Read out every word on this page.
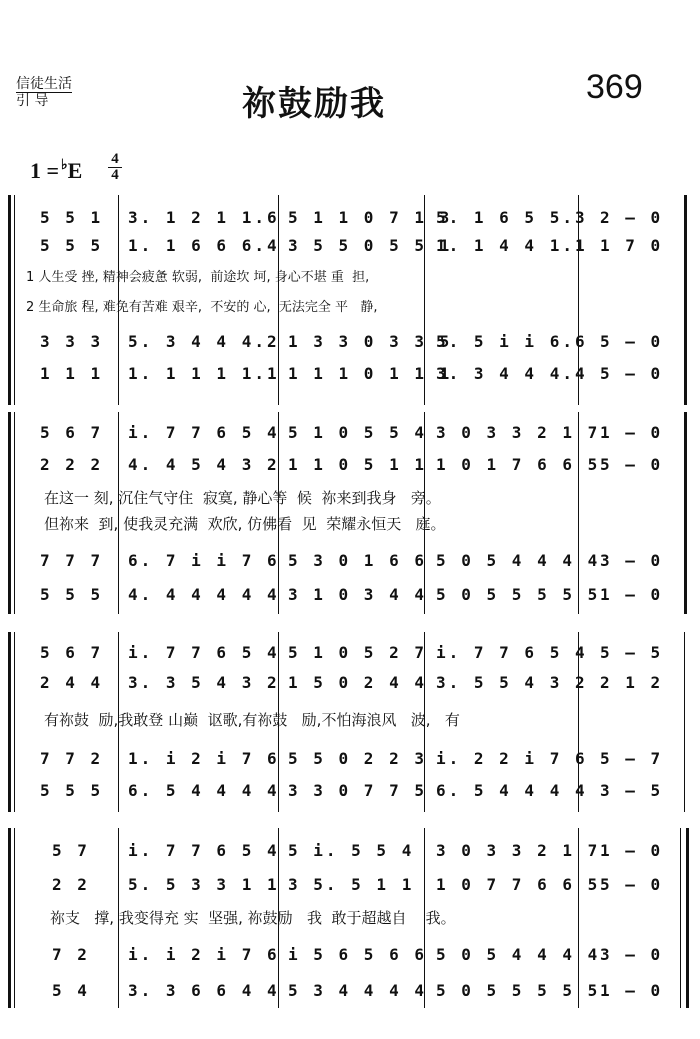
信徒生活
引 导	祢鼓励我	369
1 = ♭E 4
4
5 5 1 3. 1 2 1 1.6 5 1 1 0 7 1 3
5. 1 6 5 5.3 2 – 0
5 5 5 1. 1 6 6 6.4 3 5 5 0 5 5 1
1. 1 4 4 1.1 1 7 0
1 人生受 挫, 精神会疲惫 软弱,  前途坎 坷, 身心不堪 重  担,
2 生命旅 程, 难免有苦难 艰辛,  不安的 心,  无法完全 平   静,
3 3 3 5. 3 4 4 4.2 1 3 3 0 3 3 5
5. 5 i i 6.6 5 – 0
1 1 1 1. 1 1 1 1.1 1 1 1 0 1 1 1
3. 3 4 4 4.4 5 – 0
5 6 7 i. 7 7 6 5 4 5 1 0 5 5 4 3 0 3 3 2 1 7 1 – 0
2 2 2 4. 4 5 4 3 2 1 1 0 5 1 1 1 0 1 7 6 6 5 5 – 0
在这一 刻, 沉住气守住  寂寞, 静心等  候  祢来到我身   旁。
但祢来  到, 使我灵充满  欢欣, 仿佛看  见  荣耀永恒天   庭。
7 7 7 6. 7 i i 7 6 5 3 0 1 6 6 5 0 5 4 4 4 4 3 – 0
5 5 5 4. 4 4 4 4 4 3 1 0 3 4 4 5 0 5 5 5 5 5 1 – 0
5 6 7 i. 7 7 6 5 4 5 1 0 5 2 7 i. 7 7 6 5 4 5 – 5
2 4 4 3. 3 5 4 3 2 1 5 0 2 4 4 3. 5 5 4 3 2 2 1 2
有祢鼓  励,我敢登 山巅  讴歌,有祢鼓   励,不怕海浪风   波,   有
7 7 2 1. i 2 i 7 6 5 5 0 2 2 3 i. 2 2 i 7 6 5 – 7
5 5 5 6. 5 4 4 4 4 3 3 0 7 7 5 6. 5 4 4 4 4 3 – 5
5 7 i. 7 7 6 5 4 5 i. 5 5 4 3 0 3 3 2 1 7 1 – 0
2 2 5. 5 3 3 1 1 3 5. 5 1 1 1 0 7 7 6 6 5 5 – 0
祢支   撑, 我变得充 实  坚强, 祢鼓励   我  敢于超越自    我。
7 2 i. i 2 i 7 6 i 5 6 5 6 6 5 0 5 4 4 4 4 3 – 0
5 4 3. 3 6 6 4 4 5 3 4 4 4 4 5 0 5 5 5 5 5 1 – 0
